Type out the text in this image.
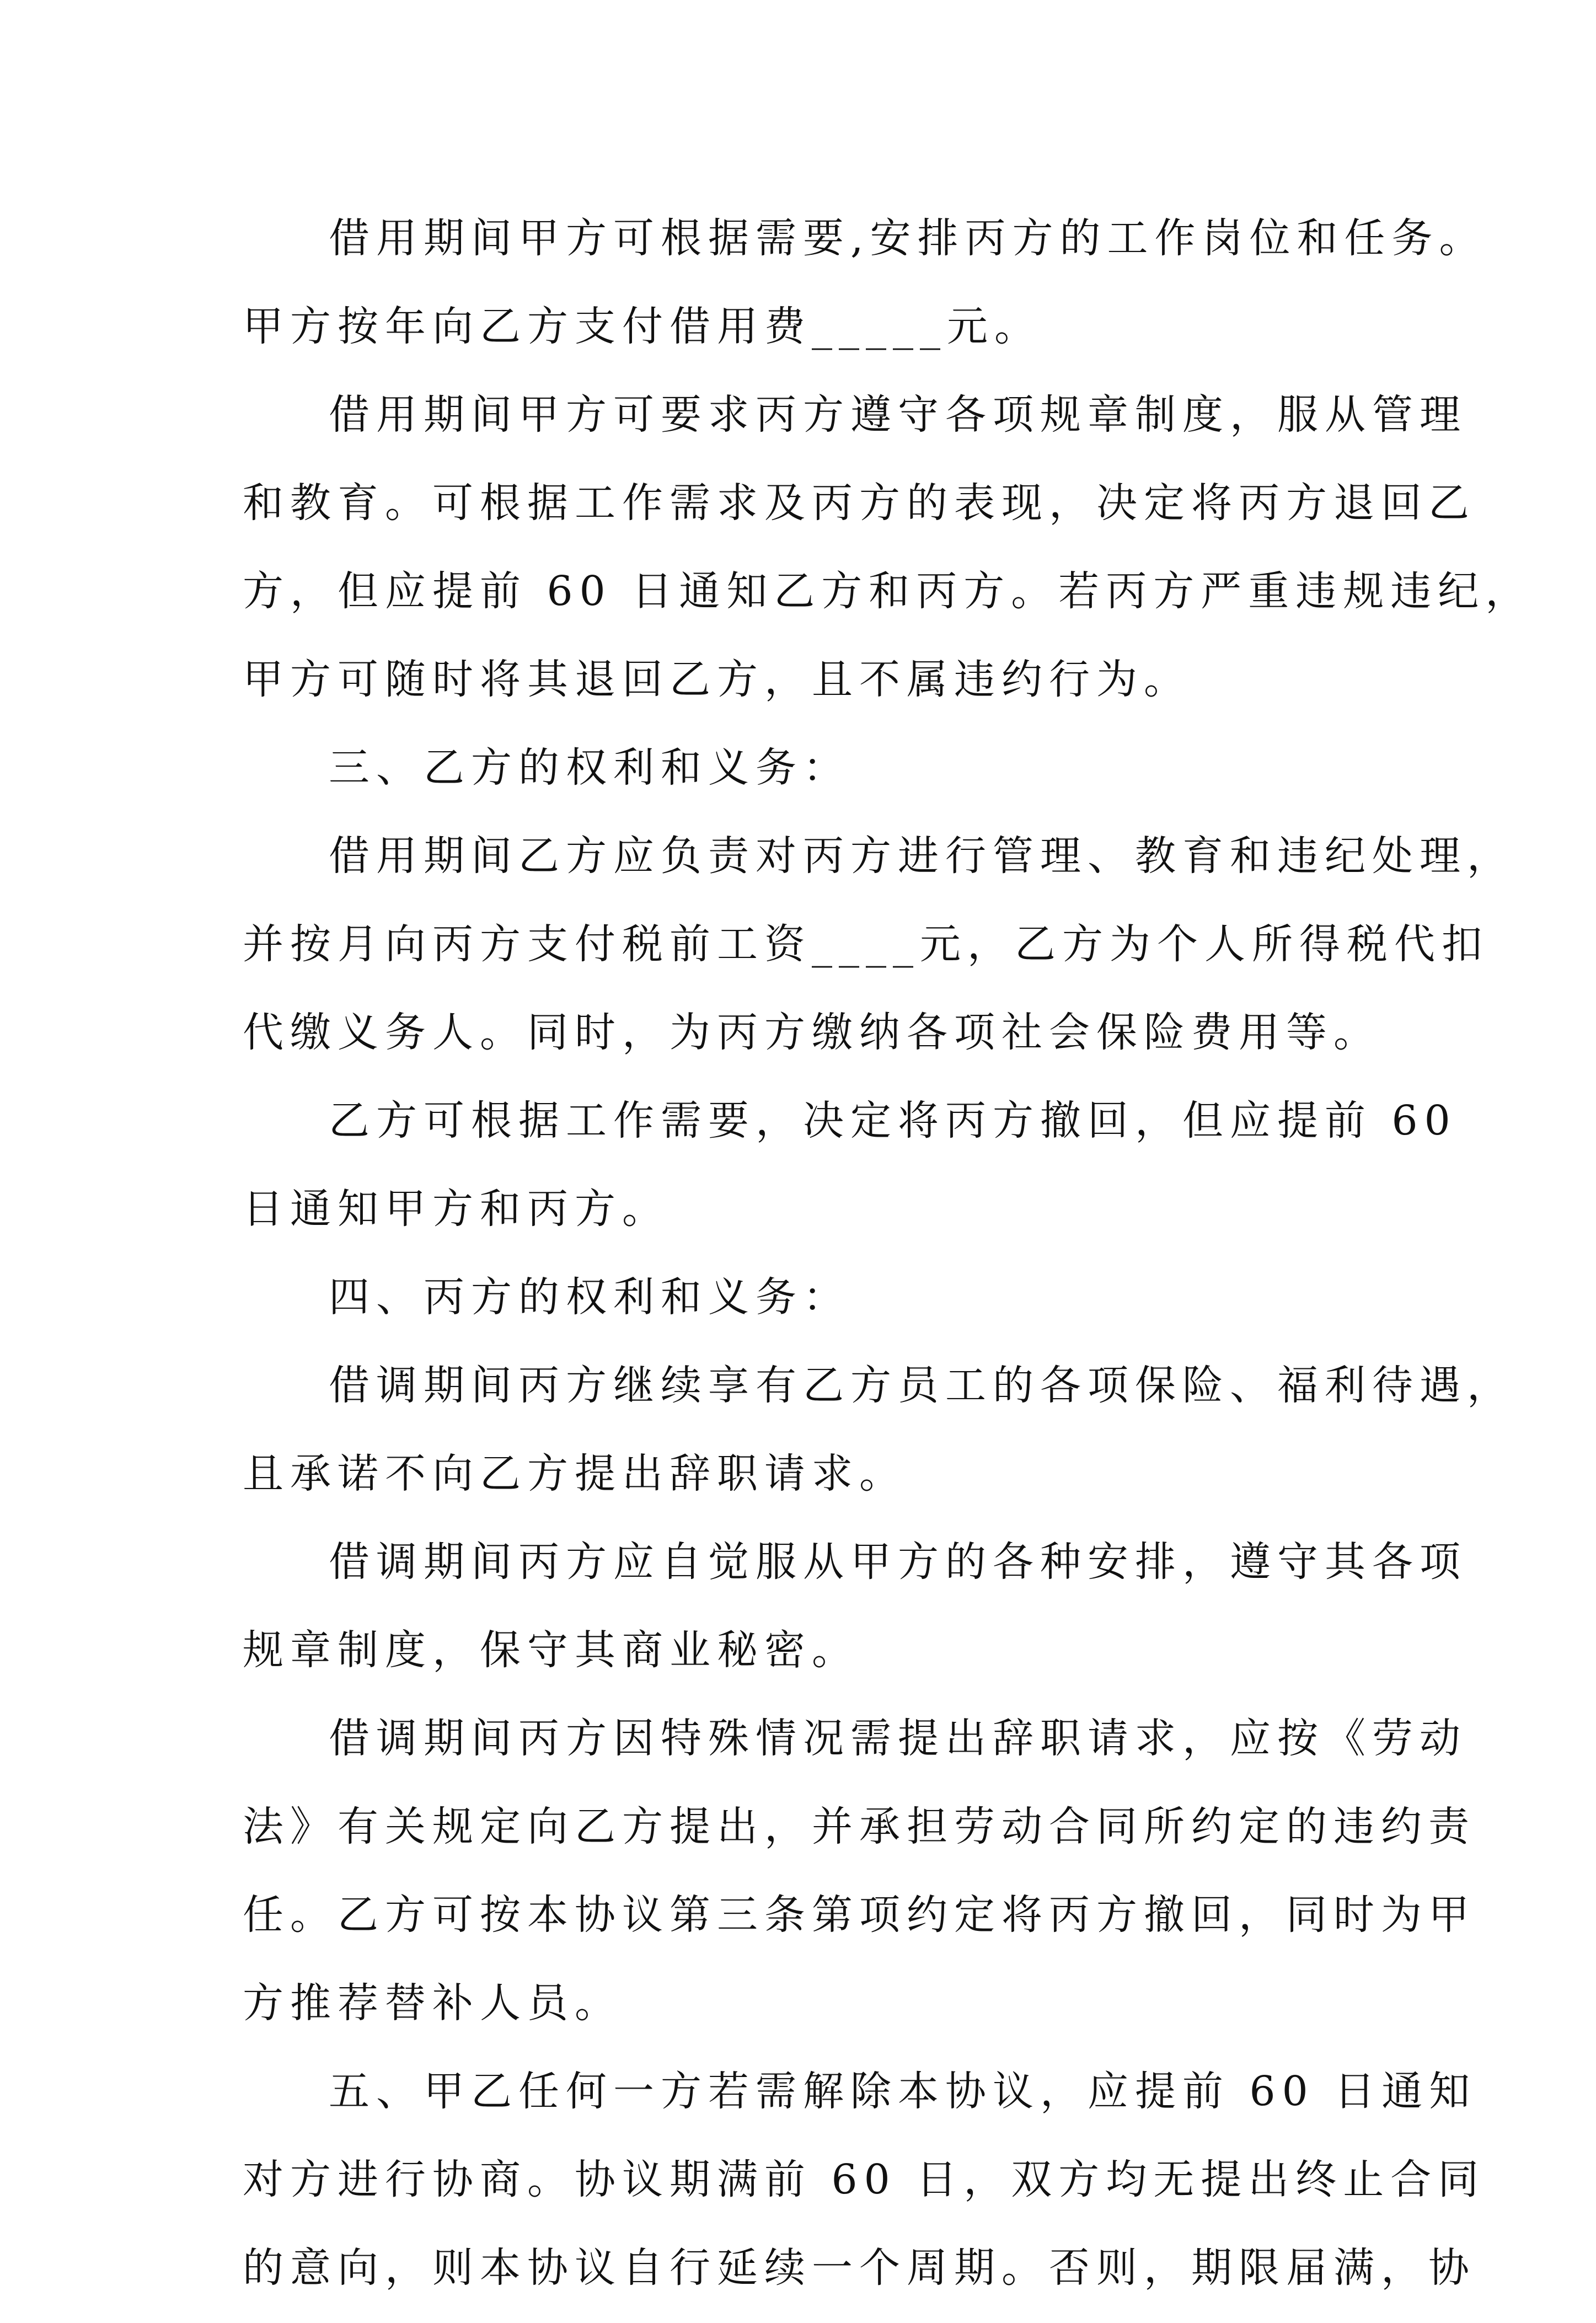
借用期间甲方可根据需要,安排丙方的工作岗位和任务。
甲方按年向乙方支付借用费_____元。
借用期间甲方可要求丙方遵守各项规章制度，服从管理
和教育。可根据工作需求及丙方的表现，决定将丙方退回乙
方，但应提前 60 日通知乙方和丙方。若丙方严重违规违纪，
甲方可随时将其退回乙方，且不属违约行为。
三、乙方的权利和义务：
借用期间乙方应负责对丙方进行管理、教育和违纪处理，
并按月向丙方支付税前工资____元，乙方为个人所得税代扣
代缴义务人。同时，为丙方缴纳各项社会保险费用等。
乙方可根据工作需要，决定将丙方撤回，但应提前 60
日通知甲方和丙方。
四、丙方的权利和义务：
借调期间丙方继续享有乙方员工的各项保险、福利待遇，
且承诺不向乙方提出辞职请求。
借调期间丙方应自觉服从甲方的各种安排，遵守其各项
规章制度，保守其商业秘密。
借调期间丙方因特殊情况需提出辞职请求，应按《劳动
法》有关规定向乙方提出，并承担劳动合同所约定的违约责
任。乙方可按本协议第三条第项约定将丙方撤回，同时为甲
方推荐替补人员。
五、甲乙任何一方若需解除本协议，应提前 60 日通知
对方进行协商。协议期满前 60 日，双方均无提出终止合同
的意向，则本协议自行延续一个周期。否则，期限届满，协
